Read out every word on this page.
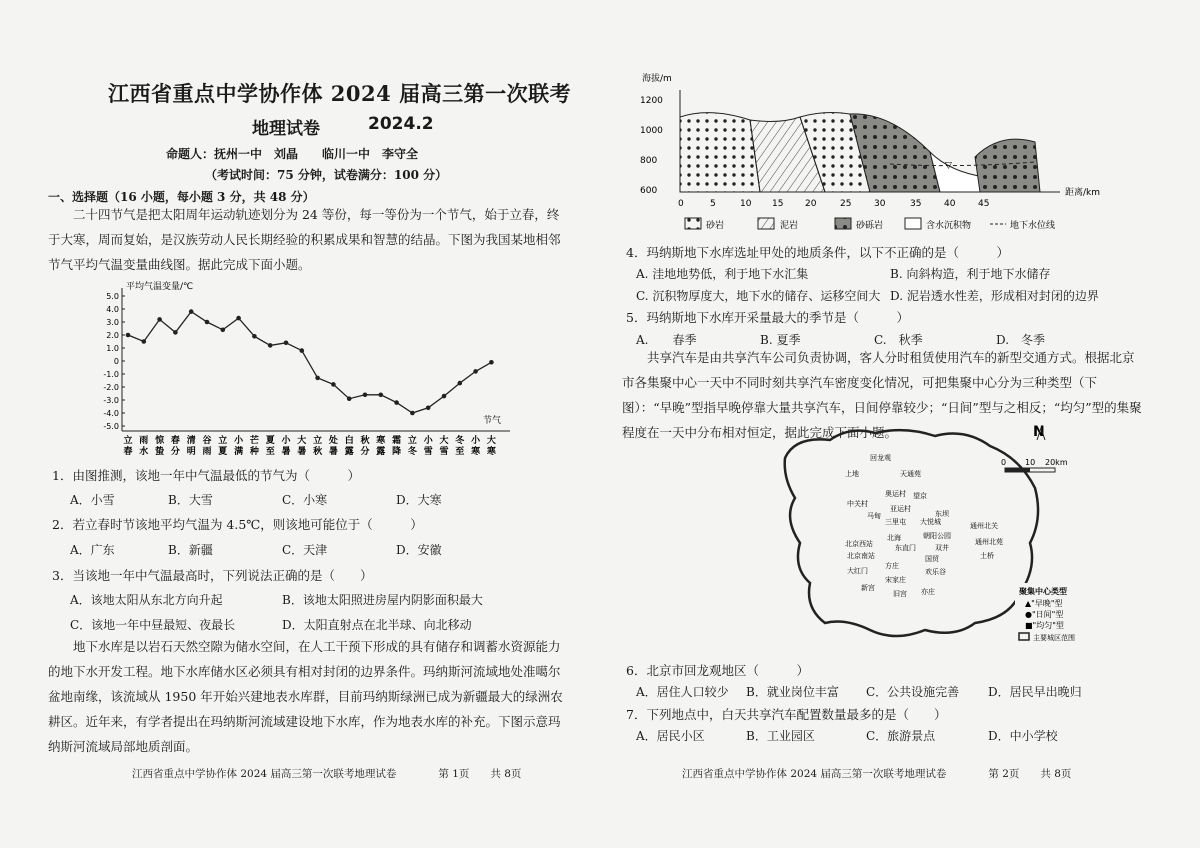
江西省重点中学协作体 2024 届高三第一次联考
地理试卷	2024.2
命题人：抚州一中　刘晶　　临川一中　李守全
（考试时间：75 分钟，试卷满分：100 分）
一、选择题（16 小题，每小题 3 分，共 48 分）
　　二十四节气是把太阳周年运动轨迹划分为 24 等份，每一等份为一个节气，始于立春，终于大寒，周而复始，是汉族劳动人民长期经验的积累成果和智慧的结晶。下图为我国某地相邻节气平均气温变量曲线图。据此完成下面小题。
平均气温变量/℃
节气
5.0
4.0
3.0
2.0
1.0
0
-1.0
-2.0
-3.0
-4.0
-5.0
立
春
雨
水
惊
蛰
春
分
清
明
谷
雨
立
夏
小
满
芒
种
夏
至
小
暑
大
暑
立
秋
处
暑
白
露
秋
分
寒
露
霜
降
立
冬
小
雪
大
雪
冬
至
小
寒
大
寒
1．由图推测，该地一年中气温最低的节气为（　　　）
A．小雪	B．大雪	C．小寒	D．大寒
2．若立春时节该地平均气温为 4.5℃，则该地可能位于（　　　）
A．广东	B．新疆	C．天津	D．安徽
3．当该地一年中气温最高时，下列说法正确的是（　　）
A．该地太阳从东北方向升起	B．该地太阳照进房屋内阴影面积最大
C．该地一年中昼最短、夜最长	D．太阳直射点在北半球、向北移动
　　地下水库是以岩石天然空隙为储水空间，在人工干预下形成的具有储存和调蓄水资源能力的地下水开发工程。地下水库储水区必须具有相对封闭的边界条件。玛纳斯河流域地处准噶尔盆地南缘，该流域从 1950 年开始兴建地表水库群，目前玛纳斯绿洲已成为新疆最大的绿洲农耕区。近年来，有学者提出在玛纳斯河流域建设地下水库，作为地表水库的补充。下图示意玛纳斯河流域局部地质剖面。
江西省重点中学协作体 2024 届高三第一次联考地理试卷　　　　第 1页　　共 8页
海拔/m
1200
1000
800
600
▽
距离/km
0	5	10 15 20	25	30	35	40	45
砂岩	泥岩	砂砾岩	含水沉积物	地下水位线
4．玛纳斯地下水库选址甲处的地质条件，以下不正确的是（　　　）
A. 洼地地势低，利于地下水汇集	B. 向斜构造，利于地下水储存
C. 沉积物厚度大，地下水的储存、运移空间大 D. 泥岩透水性差，形成相对封闭的边界
5．玛纳斯地下水库开采量最大的季节是（　　　）
A.　　春季	B. 夏季	C.　秋季	D.　冬季
　　共享汽车是由共享汽车公司负责协调，客人分时租赁使用汽车的新型交通方式。根据北京市各集聚中心一天中不同时刻共享汽车密度变化情况，可把集聚中心分为三种类型（下图）：“早晚”型指早晚停靠大量共享汽车，日间停靠较少；“日间”型与之相反；“均匀”型的集聚程度在一天中分布相对恒定，据此完成下面小题。	N
0 10 20km
回龙观
上地	天通苑
奥运村 望京
中关村
亚运村
三里屯
马甸	东坝
大悦城	通州北关
北京西站
北海
东直门
朝阳公园
通州北苑
北京南站
双井
国贸	土桥
大红门
方庄
欢乐谷
宋家庄
亦庄
新宫
旧宫	聚集中心类型
▲"早晚"型
●"日间"型
■"均匀"型
主要城区范围
6．北京市回龙观地区（　　　）
A．居住人口较少 B．就业岗位丰富 C．公共设施完善 D．居民早出晚归
7．下列地点中，白天共享汽车配置数量最多的是（　　）
A．居民小区	B．工业园区	C．旅游景点	D．中小学校
江西省重点中学协作体 2024 届高三第一次联考地理试卷　　　　第 2页　　共 8页
